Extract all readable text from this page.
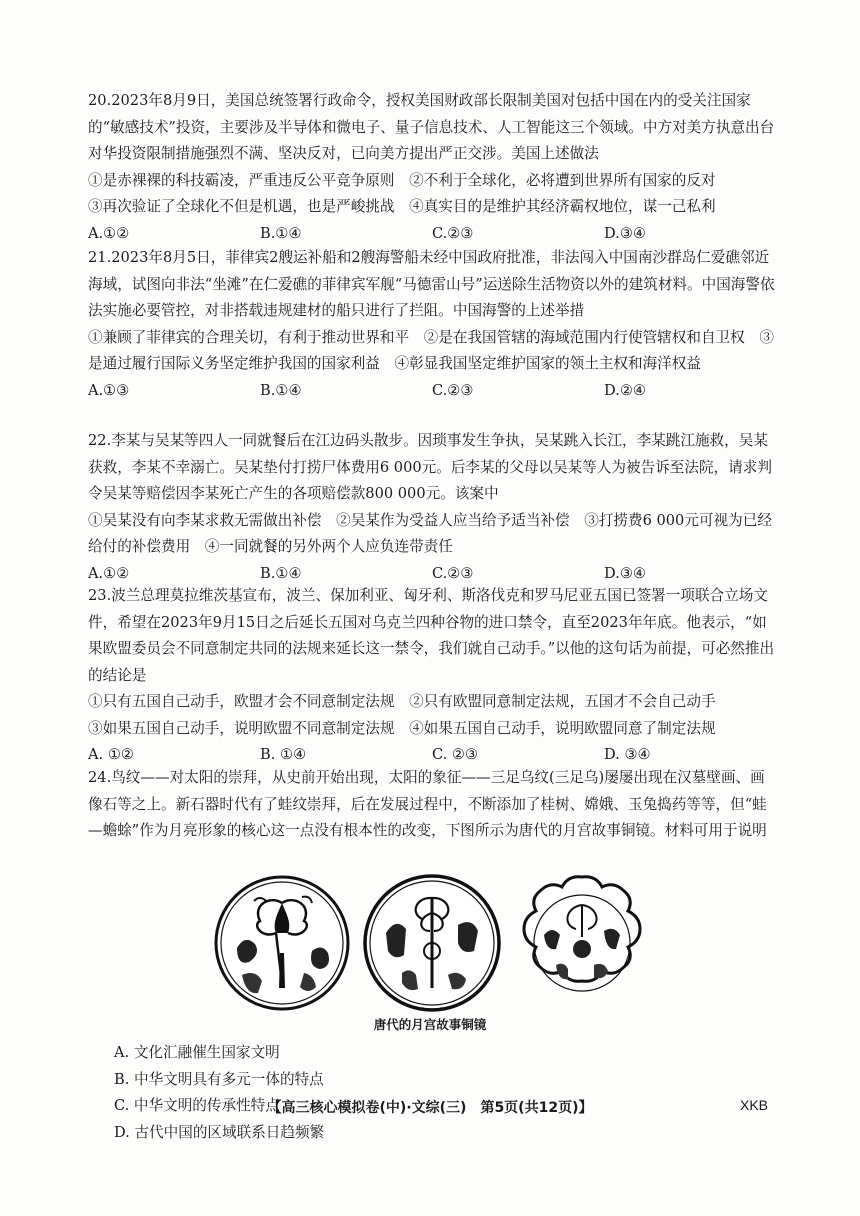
20.2023年8月9日，美国总统签署行政命令，授权美国财政部长限制美国对包括中国在内的受关注国家的“敏感技术”投资，主要涉及半导体和微电子、量子信息技术、人工智能这三个领域。中方对美方执意出台对华投资限制措施强烈不满、坚决反对，已向美方提出严正交涉。美国上述做法

①是赤裸裸的科技霸凌，严重违反公平竞争原则　②不利于全球化，必将遭到世界所有国家的反对

③再次验证了全球化不但是机遇，也是严峻挑战　④真实目的是维护其经济霸权地位，谋一己私利

A.①②	B.①④	C.②③	D.③④

21.2023年8月5日，菲律宾2艘运补船和2艘海警船未经中国政府批准，非法闯入中国南沙群岛仁爱礁邻近海域，试图向非法“坐滩”在仁爱礁的菲律宾军舰“马德雷山号”运送除生活物资以外的建筑材料。中国海警依法实施必要管控，对非搭载违规建材的船只进行了拦阻。中国海警的上述举措

①兼顾了菲律宾的合理关切，有利于推动世界和平　②是在我国管辖的海域范围内行使管辖权和自卫权　③是通过履行国际义务坚定维护我国的国家利益　④彰显我国坚定维护国家的领土主权和海洋权益

A.①③	B.①④	C.②③	D.②④

22.李某与吴某等四人一同就餐后在江边码头散步。因琐事发生争执，吴某跳入长江，李某跳江施救，吴某获救，李某不幸溺亡。吴某垫付打捞尸体费用6 000元。后李某的父母以吴某等人为被告诉至法院，请求判令吴某等赔偿因李某死亡产生的各项赔偿款800 000元。该案中

①吴某没有向李某求救无需做出补偿　②吴某作为受益人应当给予适当补偿　③打捞费6 000元可视为已经给付的补偿费用　④一同就餐的另外两个人应负连带责任

A.①②	B.①④	C.②③	D.③④

23.波兰总理莫拉维茨基宣布，波兰、保加利亚、匈牙利、斯洛伐克和罗马尼亚五国已签署一项联合立场文件，希望在2023年9月15日之后延长五国对乌克兰四种谷物的进口禁令，直至2023年年底。他表示，“如果欧盟委员会不同意制定共同的法规来延长这一禁令，我们就自己动手。”以他的这句话为前提，可必然推出的结论是

①只有五国自己动手，欧盟才会不同意制定法规　②只有欧盟同意制定法规，五国才不会自己动手

③如果五国自己动手，说明欧盟不同意制定法规　④如果五国自己动手，说明欧盟同意了制定法规

A. ①②	B. ①④	C. ②③	D. ③④

24.鸟纹——对太阳的崇拜，从史前开始出现，太阳的象征——三足乌纹(三足乌)屡屡出现在汉墓壁画、画像石等之上。新石器时代有了蛙纹崇拜，后在发展过程中，不断添加了桂树、嫦娥、玉兔捣药等等，但“蛙—蟾蜍”作为月亮形象的核心这一点没有根本性的改变，下图所示为唐代的月宫故事铜镜。材料可用于说明

唐代的月宫故事铜镜

A. 文化汇融催生国家文明
B. 中华文明具有多元一体的特点
C. 中华文明的传承性特点
D. 古代中国的区域联系日趋频繁

【高三核心模拟卷(中)·文综(三)　第5页(共12页)】	XKB
